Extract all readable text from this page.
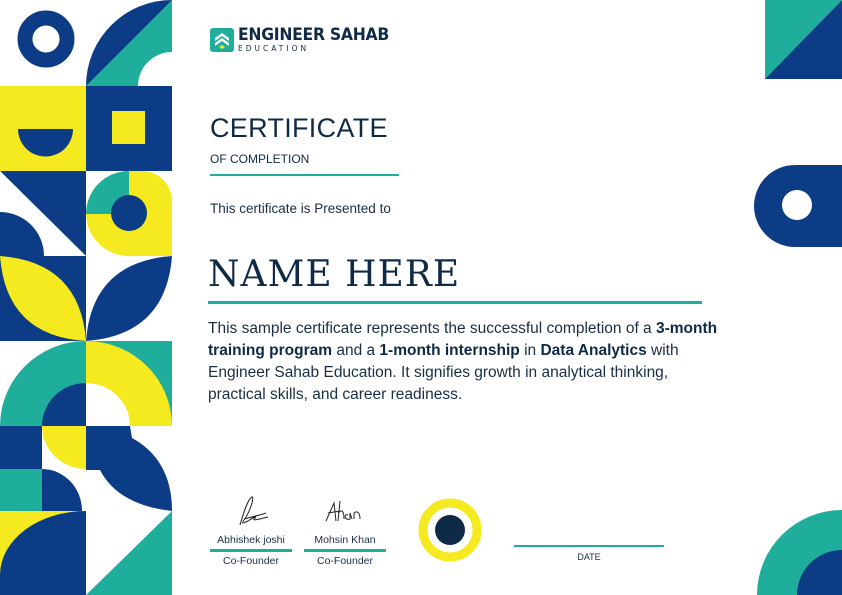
ENGINEER SAHAB
EDUCATION
CERTIFICATE
OF COMPLETION
This certificate is Presented to
NAME HERE
This sample certificate represents the successful completion of a 3-month training program and a 1-month internship in Data Analytics with Engineer Sahab Education. It signifies growth in analytical thinking, practical skills, and career readiness.
Abhishek joshi
Co-Founder
Mohsin Khan
Co-Founder	DATE
